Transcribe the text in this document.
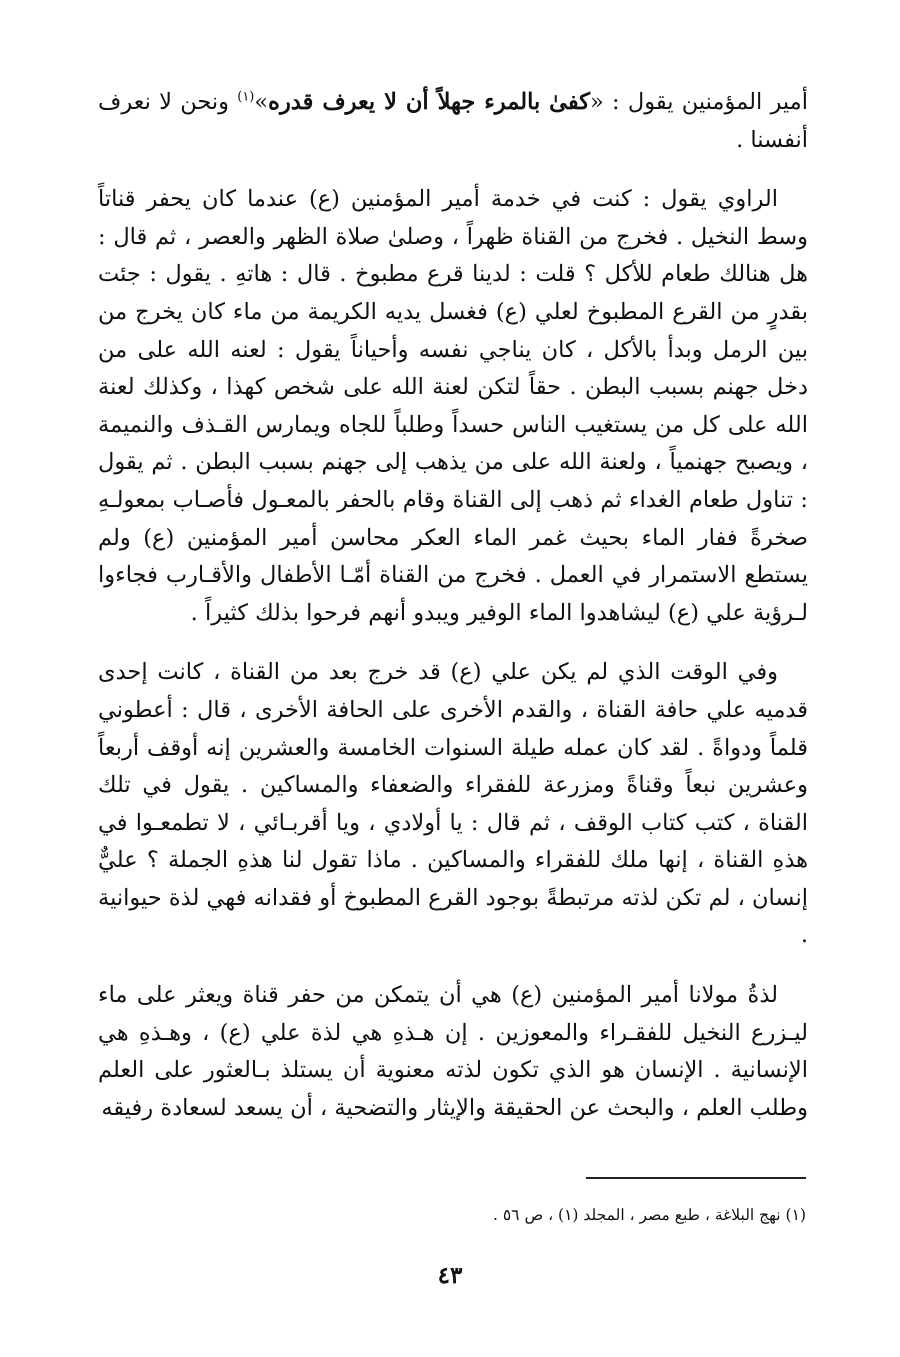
أمير المؤمنين يقول : «كفىٰ بالمرء جهلاً أن لا يعرف قدره»$^{(١)}$ ونحن لا نعرف أنفسنا .

الراوي يقول : كنت في خدمة أمير المؤمنين (ع) عندما كان يحفر قناتاً وسط النخيل . فخرج من القناة ظهراً ، وصلىٰ صلاة الظهر والعصر ، ثم قال : هل هنالك طعام للأكل ؟ قلت : لدينا قرع مطبوخ . قال : هاتهِ . يقول : جئت بقدرٍ من القرع المطبوخ لعلي (ع) فغسل يديه الكريمة من ماء كان يخرج من بين الرمل وبدأ بالأكل ، كان يناجي نفسه وأحياناً يقول : لعنه الله على من دخل جهنم بسبب البطن . حقاً لتكن لعنة الله على شخص كهذا ، وكذلك لعنة الله على كل من يستغيب الناس حسداً وطلباً للجاه ويمارس القـذف والنميمة ، ويصبح جهنمياً ، ولعنة الله على من يذهب إلى جهنم بسبب البطن . ثم يقول : تناول طعام الغداء ثم ذهب إلى القناة وقام بالحفر بالمعـول فأصـاب بمعولـهِ صخرةً ففار الماء بحيث غمر الماء العكر محاسن أمير المؤمنين (ع) ولم يستطع الاستمرار في العمل . فخرج من القناة أمّـا الأطفال والأقـارب فجاءوا لـرؤية علي (ع) ليشاهدوا الماء الوفير ويبدو أنهم فرحوا بذلك كثيراً .

وفي الوقت الذي لم يكن علي (ع) قد خرج بعد من القناة ، كانت إحدى قدميه علي حافة القناة ، والقدم الأخرى على الحافة الأخرى ، قال : أعطوني قلماً ودواةً . لقد كان عمله طيلة السنوات الخامسة والعشرين إنه أوقف أربعاً وعشرين نبعاً وقناةً ومزرعة للفقراء والضعفاء والمساكين . يقول في تلك القناة ، كتب كتاب الوقف ، ثم قال : يا أولادي ، ويا أقربـائي ، لا تطمعـوا في هذهِ القناة ، إنها ملك للفقراء والمساكين . ماذا تقول لنا هذهِ الجملة ؟ عليٌّ إنسان ، لم تكن لذته مرتبطةً بوجود القرع المطبوخ أو فقدانه فهي لذة حيوانية .

لذةُ مولانا أمير المؤمنين (ع) هي أن يتمكن من حفر قناة ويعثر على ماء ليـزرع النخيل للفقـراء والمعوزين . إن هـذهِ هي لذة علي (ع) ، وهـذهِ هي الإنسانية . الإنسان هو الذي تكون لذته معنوية أن يستلذ بـالعثور على العلم وطلب العلم ، والبحث عن الحقيقة والإيثار والتضحية ، أن يسعد لسعادة رفيقه

(١) نهج البلاغة ، طبع مصر ، المجلد (١) ، ص ٥٦ .
٤٣
